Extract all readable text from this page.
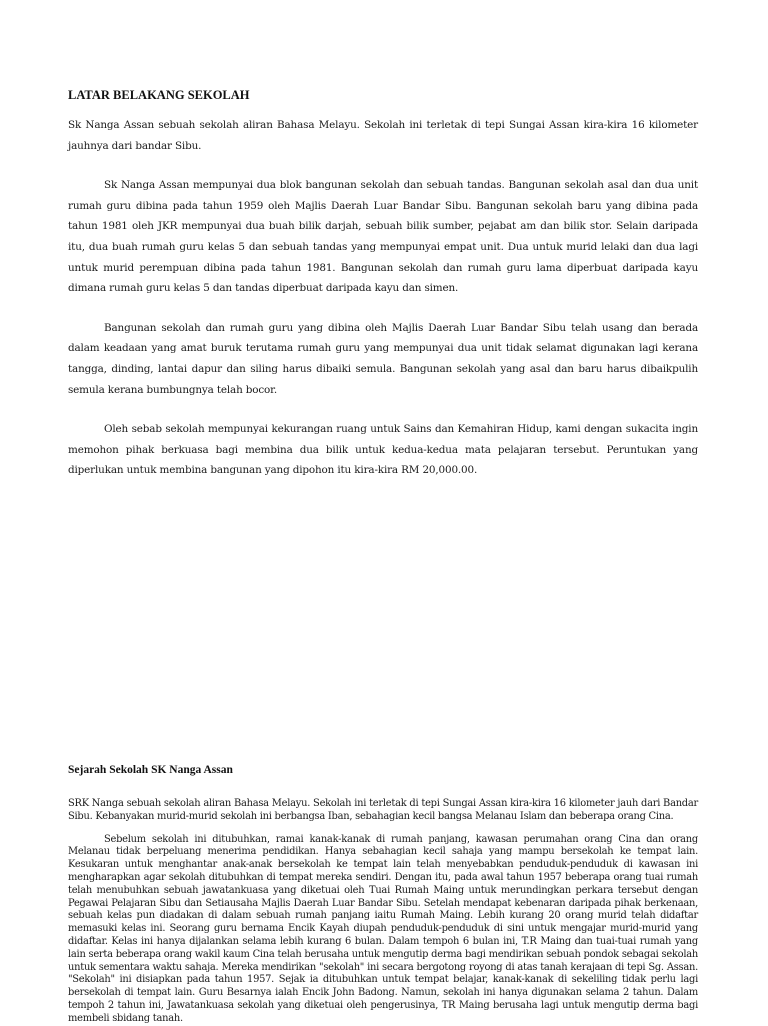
LATAR BELAKANG SEKOLAH

Sk Nanga Assan sebuah sekolah aliran Bahasa Melayu. Sekolah ini terletak di tepi Sungai Assan kira-kira 16 kilometer jauhnya dari bandar Sibu.

Sk Nanga Assan mempunyai dua blok bangunan sekolah dan sebuah tandas. Bangunan sekolah asal dan dua unit rumah guru dibina pada tahun 1959 oleh Majlis Daerah Luar Bandar Sibu. Bangunan sekolah baru yang dibina pada tahun 1981 oleh JKR mempunyai dua buah bilik darjah, sebuah bilik sumber, pejabat am dan bilik stor. Selain daripada itu, dua buah rumah guru kelas 5 dan sebuah tandas yang mempunyai empat unit. Dua untuk murid lelaki dan dua lagi untuk murid perempuan dibina pada tahun 1981. Bangunan sekolah dan rumah guru lama diperbuat daripada kayu dimana rumah guru kelas 5 dan tandas diperbuat daripada kayu dan simen.

Bangunan sekolah dan rumah guru yang dibina oleh Majlis Daerah Luar Bandar Sibu telah usang dan berada dalam keadaan yang amat buruk terutama rumah guru yang mempunyai dua unit tidak selamat digunakan lagi kerana tangga, dinding, lantai dapur dan siling harus dibaiki semula. Bangunan sekolah yang asal dan baru harus dibaikpulih semula kerana bumbungnya telah bocor.

Oleh sebab sekolah mempunyai kekurangan ruang untuk Sains dan Kemahiran Hidup, kami dengan sukacita ingin memohon pihak berkuasa bagi membina dua bilik untuk kedua-kedua mata pelajaran tersebut. Peruntukan yang diperlukan untuk membina bangunan yang dipohon itu kira-kira RM 20,000.00.

Sejarah Sekolah SK Nanga Assan

SRK Nanga sebuah sekolah aliran Bahasa Melayu. Sekolah ini terletak di tepi Sungai Assan kira-kira 16 kilometer jauh dari Bandar Sibu. Kebanyakan murid-murid sekolah ini berbangsa Iban, sebahagian kecil bangsa Melanau Islam dan beberapa orang Cina.

Sebelum sekolah ini ditubuhkan, ramai kanak-kanak di rumah panjang, kawasan perumahan orang Cina dan orang Melanau tidak berpeluang menerima pendidikan. Hanya sebahagian kecil sahaja yang mampu bersekolah ke tempat lain. Kesukaran untuk menghantar anak-anak bersekolah ke tempat lain telah menyebabkan penduduk-penduduk di kawasan ini mengharapkan agar sekolah ditubuhkan di tempat mereka sendiri. Dengan itu, pada awal tahun 1957 beberapa orang tuai rumah telah menubuhkan sebuah jawatankuasa yang diketuai oleh Tuai Rumah Maing untuk merundingkan perkara tersebut dengan Pegawai Pelajaran Sibu dan Setiausaha Majlis Daerah Luar Bandar Sibu. Setelah mendapat kebenaran daripada pihak berkenaan, sebuah kelas pun diadakan di dalam sebuah rumah panjang iaitu Rumah Maing. Lebih kurang 20 orang murid telah didaftar memasuki kelas ini. Seorang guru bernama Encik Kayah diupah penduduk-penduduk di sini untuk mengajar murid-murid yang didaftar. Kelas ini hanya dijalankan selama lebih kurang 6 bulan. Dalam tempoh 6 bulan ini, T.R Maing dan tuai-tuai rumah yang lain serta beberapa orang wakil kaum Cina telah berusaha untuk mengutip derma bagi mendirikan sebuah pondok sebagai sekolah untuk sementara waktu sahaja. Mereka mendirikan "sekolah" ini secara bergotong royong di atas tanah kerajaan di tepi Sg. Assan. "Sekolah" ini disiapkan pada tahun 1957. Sejak ia ditubuhkan untuk tempat belajar, kanak-kanak di sekeliling tidak perlu lagi bersekolah di tempat lain. Guru Besarnya ialah Encik John Badong. Namun, sekolah ini hanya digunakan selama 2 tahun. Dalam tempoh 2 tahun ini, Jawatankuasa sekolah yang diketuai oleh pengerusinya, TR Maing berusaha lagi untuk mengutip derma bagi membeli sbidang tanah.
